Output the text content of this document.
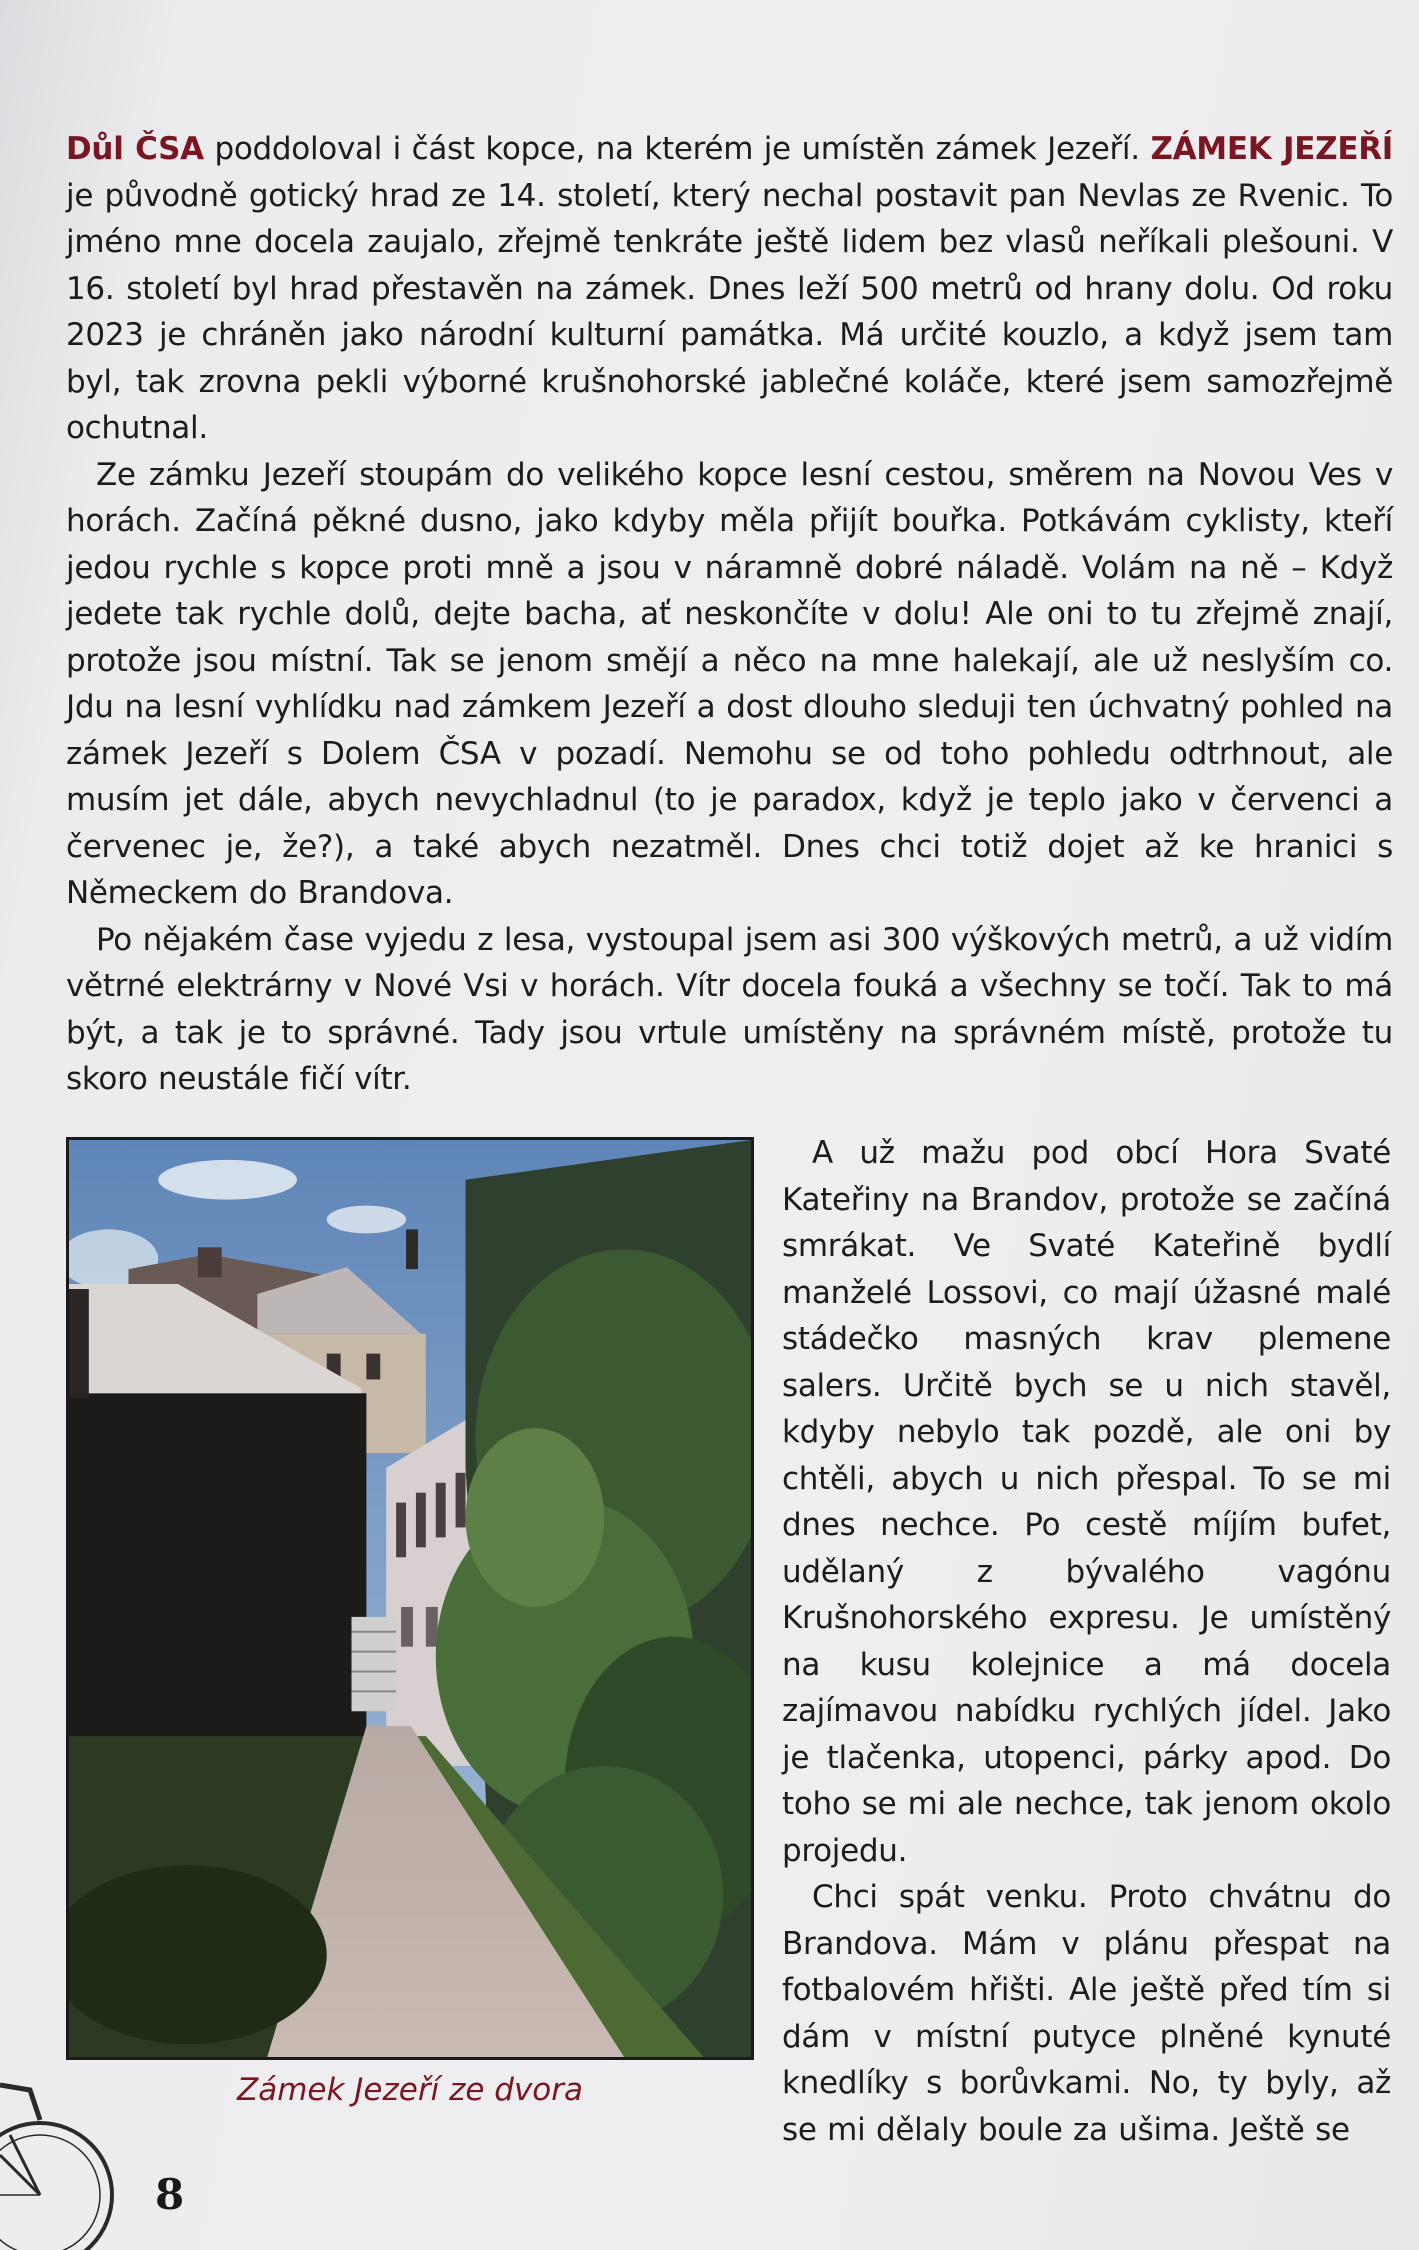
Důl ČSA poddoloval i část kopce, na kterém je umístěn zámek Jezeří. ZÁMEK JEZEŘÍ je původně gotický hrad ze 14. století, který nechal postavit pan Nevlas ze Rvenic. To jméno mne docela zaujalo, zřejmě tenkráte ještě lidem bez vlasů neříkali plešouni. V 16. století byl hrad přestavěn na zámek. Dnes leží 500 metrů od hrany dolu. Od roku 2023 je chráněn jako národní kulturní památka. Má určité kouzlo, a když jsem tam byl, tak zrovna pekli výborné krušnohorské jablečné koláče, které jsem samozřejmě ochutnal.

Ze zámku Jezeří stoupám do velikého kopce lesní cestou, směrem na Novou Ves v horách. Začíná pěkné dusno, jako kdyby měla přijít bouřka. Potkávám cyklisty, kteří jedou rychle s kopce proti mně a jsou v náramně dobré náladě. Volám na ně – Když jedete tak rychle dolů, dejte bacha, ať neskončíte v dolu! Ale oni to tu zřejmě znají, protože jsou místní. Tak se jenom smějí a něco na mne halekají, ale už neslyším co. Jdu na lesní vyhlídku nad zámkem Jezeří a dost dlouho sleduji ten úchvatný pohled na zámek Jezeří s Dolem ČSA v pozadí. Nemohu se od toho pohledu odtrhnout, ale musím jet dále, abych nevychladnul (to je paradox, když je teplo jako v červenci a červenec je, že?), a také abych nezatměl. Dnes chci totiž dojet až ke hranici s Německem do Brandova.

Po nějakém čase vyjedu z lesa, vystoupal jsem asi 300 výškových metrů, a už vidím větrné elektrárny v Nové Vsi v horách. Vítr docela fouká a všechny se točí. Tak to má být, a tak je to správné. Tady jsou vrtule umístěny na správném místě, protože tu skoro neustále fičí vítr.

Zámek Jezeří ze dvora

A už mažu pod obcí Hora Svaté Kateřiny na Brandov, protože se začíná smrákat. Ve Svaté Kateřině bydlí manželé Lossovi, co mají úžasné malé stádečko masných krav plemene salers. Určitě bych se u nich stavěl, kdyby nebylo tak pozdě, ale oni by chtěli, abych u nich přespal. To se mi dnes nechce. Po cestě míjím bufet, udělaný z bývalého vagónu Krušnohorského expresu. Je umístěný na kusu kolejnice a má docela zajímavou nabídku rychlých jídel. Jako je tlačenka, utopenci, párky apod. Do toho se mi ale nechce, tak jenom okolo projedu.

Chci spát venku. Proto chvátnu do Brandova. Mám v plánu přespat na fotbalovém hřišti. Ale ještě před tím si dám v místní putyce plněné kynuté knedlíky s borůvkami. No, ty byly, až se mi dělaly boule za ušima. Ještě se

8
